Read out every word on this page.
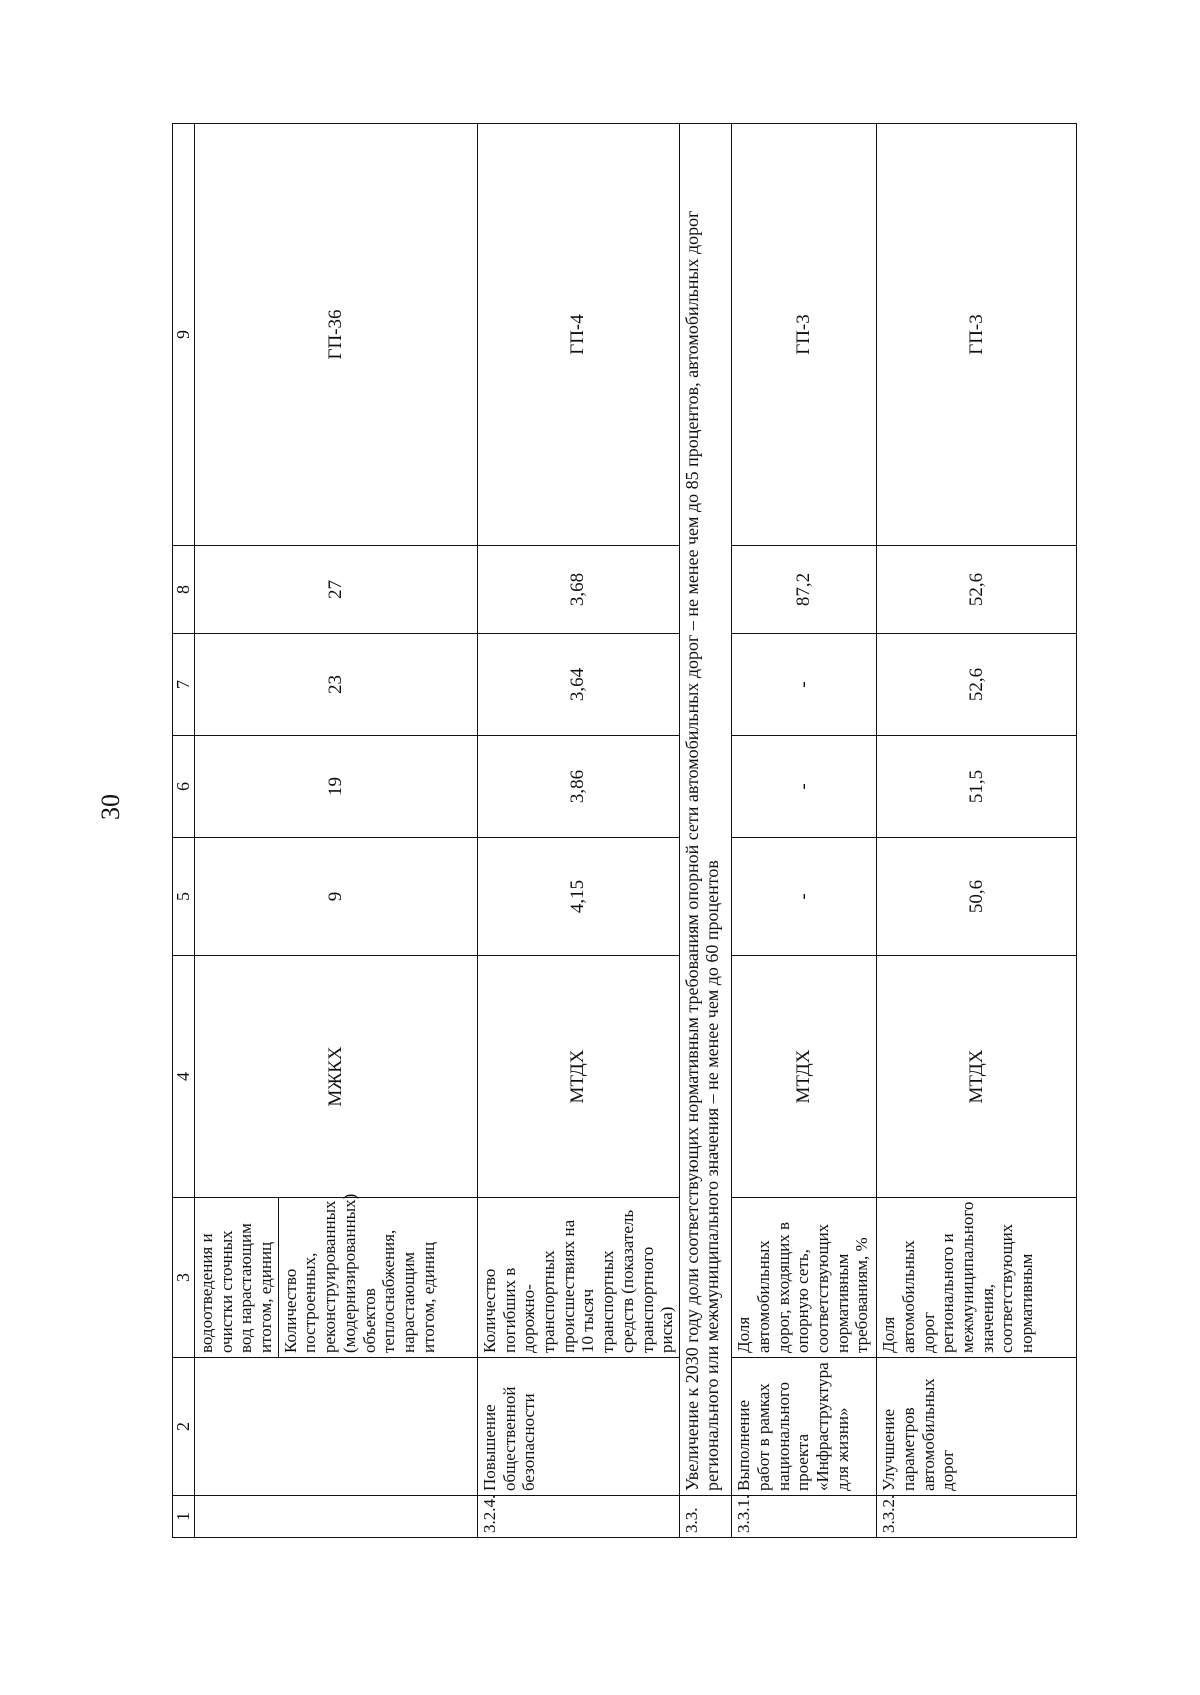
30
1	2	3	4	5	6	7	8	9

		водоотведения и очистки сточных вод нарастающим итогом, единиц Количество построенных, реконструированных (модернизированных) объектов теплоснабжения, нарастающим итогом, единиц	МЖКХ	9	19	23	27	ГП-36
3.2.4.	Повышение общественной безопасности	Количество погибших в дорожно-транспортных происшествиях на 10 тысяч транспортных средств (показатель транспортного риска)	МТДХ	4,15	3,86	3,64	3,68	ГП-4
3.3.	Увеличение к 2030 году доли соответствующих нормативным требованиям опорной сети автомобильных дорог – не менее чем до 85 процентов, автомобильных дорог регионального или межмуниципального значения – не менее чем до 60 процентов							
3.3.1.	Выполнение работ в рамках национального проекта «Инфраструктура для жизни»	Доля автомобильных дорог, входящих в опорную сеть, соответствующих нормативным требованиям, %	МТДХ	-	-	-	87,2	ГП-3
3.3.2.	Улучшение параметров автомобильных дорог	Доля автомобильных дорог регионального и межмуниципального значения, соответствующих нормативным	МТДХ	50,6	51,5	52,6	52,6	ГП-3
